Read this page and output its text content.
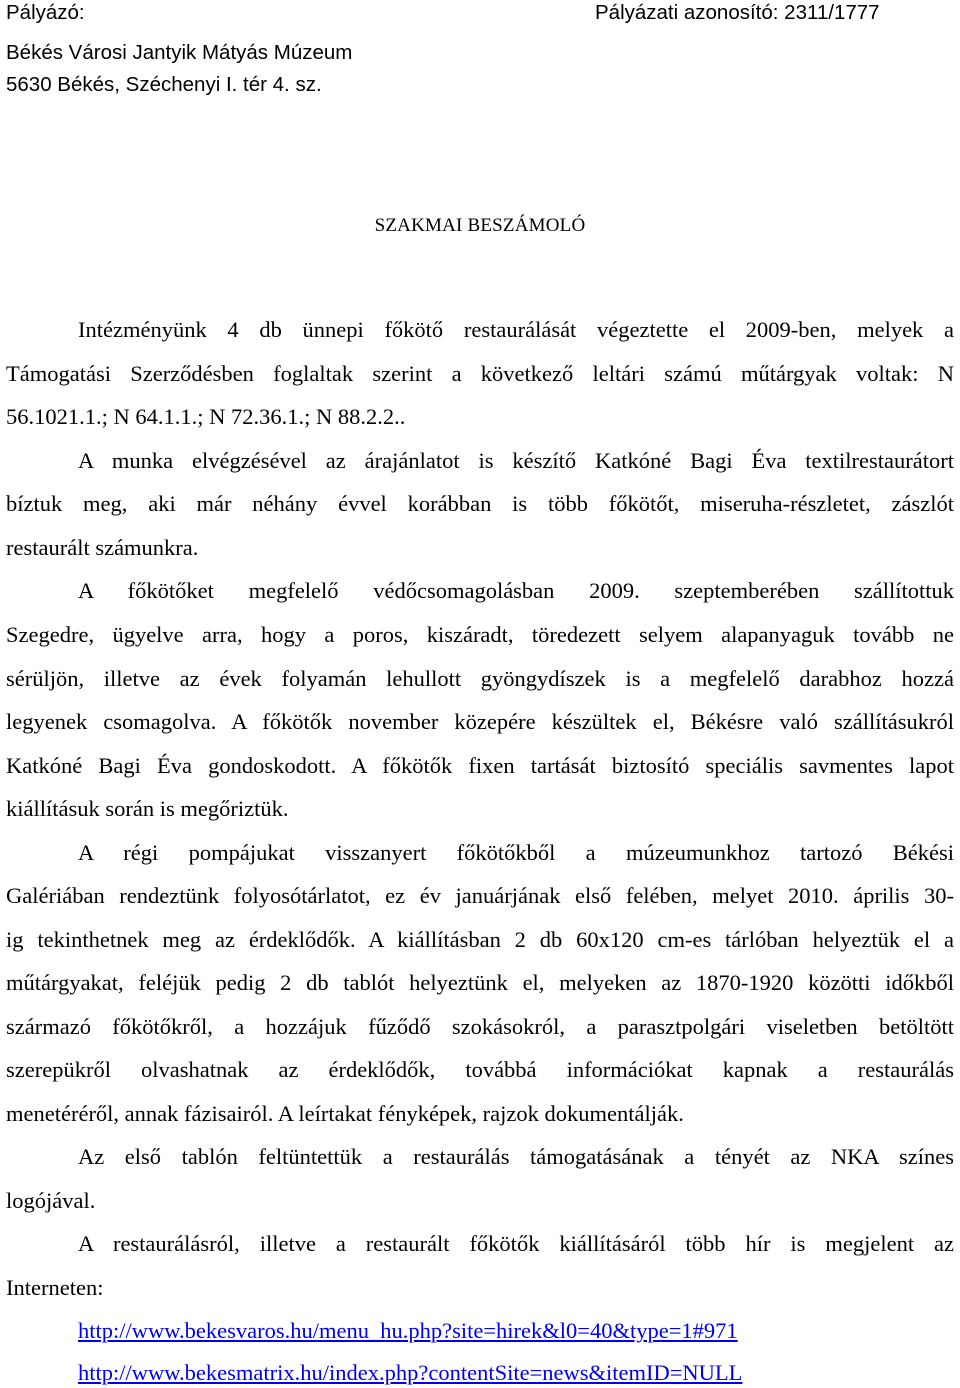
Pályázó:	Pályázati azonosító: 2311/1777
Békés Városi Jantyik Mátyás Múzeum
5630 Békés, Széchenyi I. tér 4. sz.
SZAKMAI BESZÁMOLÓ
Intézményünk 4 db ünnepi főkötő restaurálását végeztette el 2009-ben, melyek a
Támogatási Szerződésben foglaltak szerint a következő leltári számú műtárgyak voltak: N
56.1021.1.; N 64.1.1.; N 72.36.1.; N 88.2.2..
A munka elvégzésével az árajánlatot is készítő Katkóné Bagi Éva textilrestaurátort
bíztuk meg, aki már néhány évvel korábban is több főkötőt, miseruha-részletet, zászlót
restaurált számunkra.
A főkötőket megfelelő védőcsomagolásban 2009. szeptemberében szállítottuk
Szegedre, ügyelve arra, hogy a poros, kiszáradt, töredezett selyem alapanyaguk tovább ne
sérüljön, illetve az évek folyamán lehullott gyöngydíszek is a megfelelő darabhoz hozzá
legyenek csomagolva. A főkötők november közepére készültek el, Békésre való szállításukról
Katkóné Bagi Éva gondoskodott. A főkötők fixen tartását biztosító speciális savmentes lapot
kiállításuk során is megőriztük.
A régi pompájukat visszanyert főkötőkből a múzeumunkhoz tartozó Békési
Galériában rendeztünk folyosótárlatot, ez év januárjának első felében, melyet 2010. április 30-
ig tekinthetnek meg az érdeklődők. A kiállításban 2 db 60x120 cm-es tárlóban helyeztük el a
műtárgyakat, feléjük pedig 2 db tablót helyeztünk el, melyeken az 1870-1920 közötti időkből
származó főkötőkről, a hozzájuk fűződő szokásokról, a parasztpolgári viseletben betöltött
szerepükről olvashatnak az érdeklődők, továbbá információkat kapnak a restaurálás
menetéréről, annak fázisairól. A leírtakat fényképek, rajzok dokumentálják.
Az első tablón feltüntettük a restaurálás támogatásának a tényét az NKA színes
logójával.
A restaurálásról, illetve a restaurált főkötők kiállításáról több hír is megjelent az
Interneten:
http://www.bekesvaros.hu/menu_hu.php?site=hirek&l0=40&type=1#971
http://www.bekesmatrix.hu/index.php?contentSite=news&itemID=NULL
